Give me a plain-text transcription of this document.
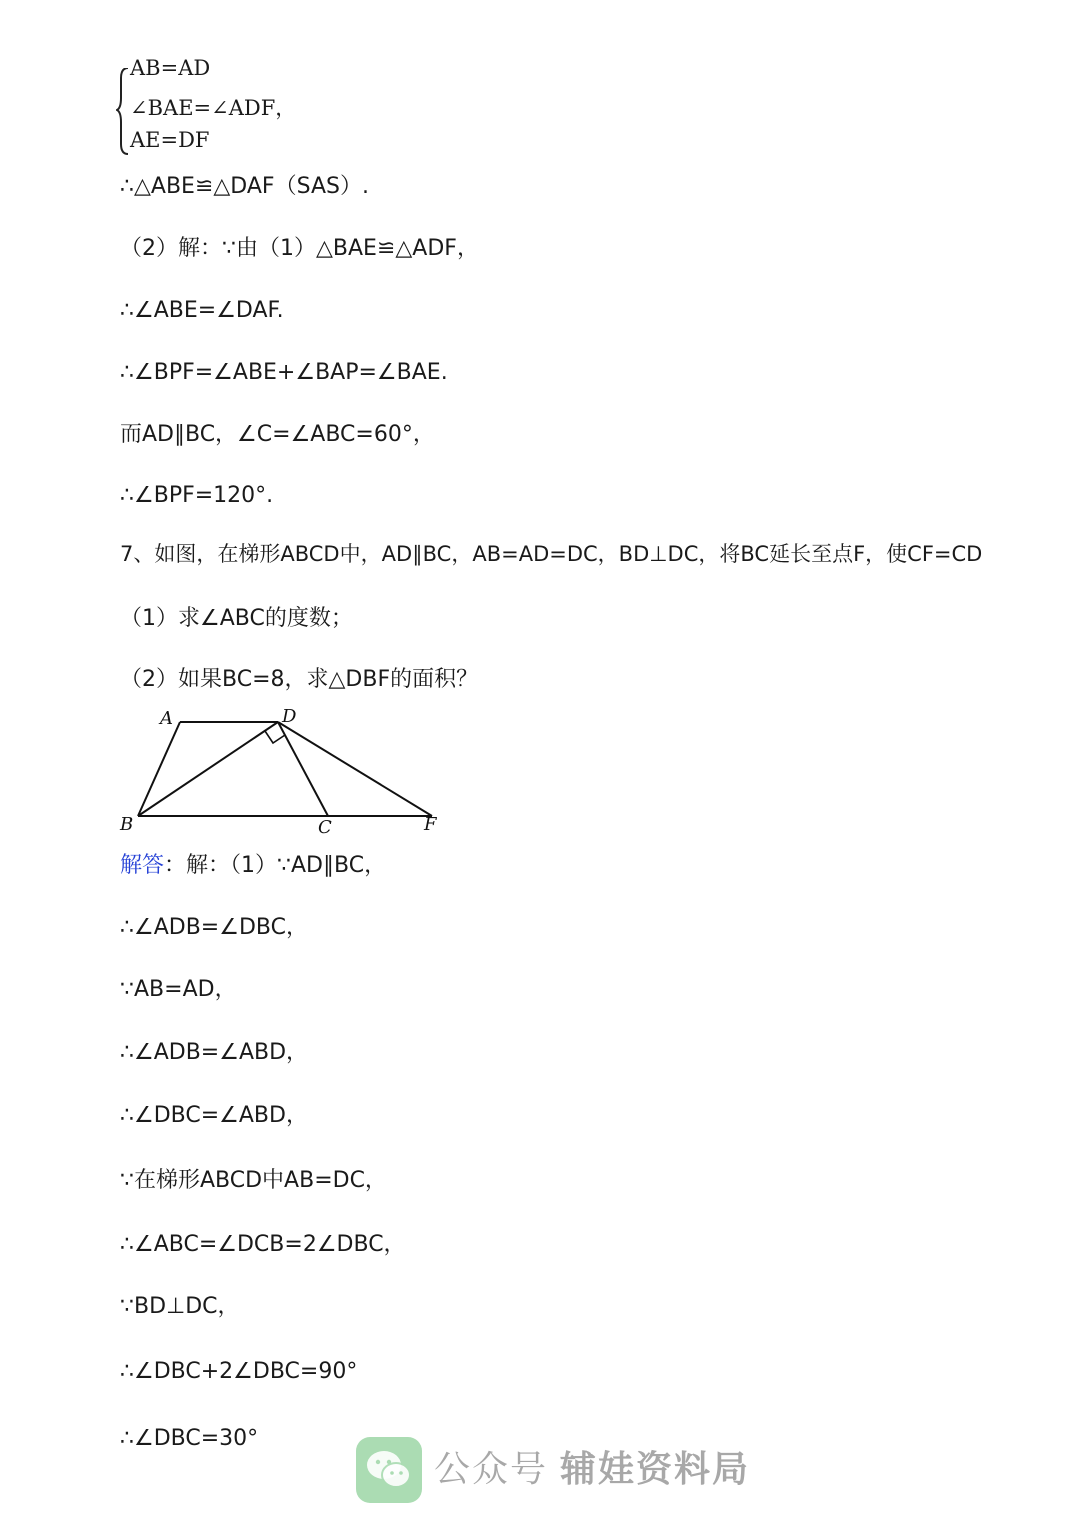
AB=AD
∠BAE=∠ADF，
AE=DF
∴△ABE≌△DAF（SAS）.
（2）解：∵由（1）△BAE≌△ADF，
∴∠ABE=∠DAF.
∴∠BPF=∠ABE+∠BAP=∠BAE.
而AD∥BC，∠C=∠ABC=60°，
∴∠BPF=120°.
7、如图，在梯形ABCD中，AD∥BC，AB=AD=DC，BD⊥DC，将BC延长至点F，使CF=CD
（1）求∠ABC的度数；
（2）如果BC=8，求△DBF的面积？
A	D
B	C	F
解答：解：（1）∵AD∥BC，
∴∠ADB=∠DBC，
∵AB=AD，
∴∠ADB=∠ABD，
∴∠DBC=∠ABD，
∵在梯形ABCD中AB=DC，
∴∠ABC=∠DCB=2∠DBC，
∵BD⊥DC，
∴∠DBC+2∠DBC=90°
∴∠DBC=30°
公众号 辅娃资料局
